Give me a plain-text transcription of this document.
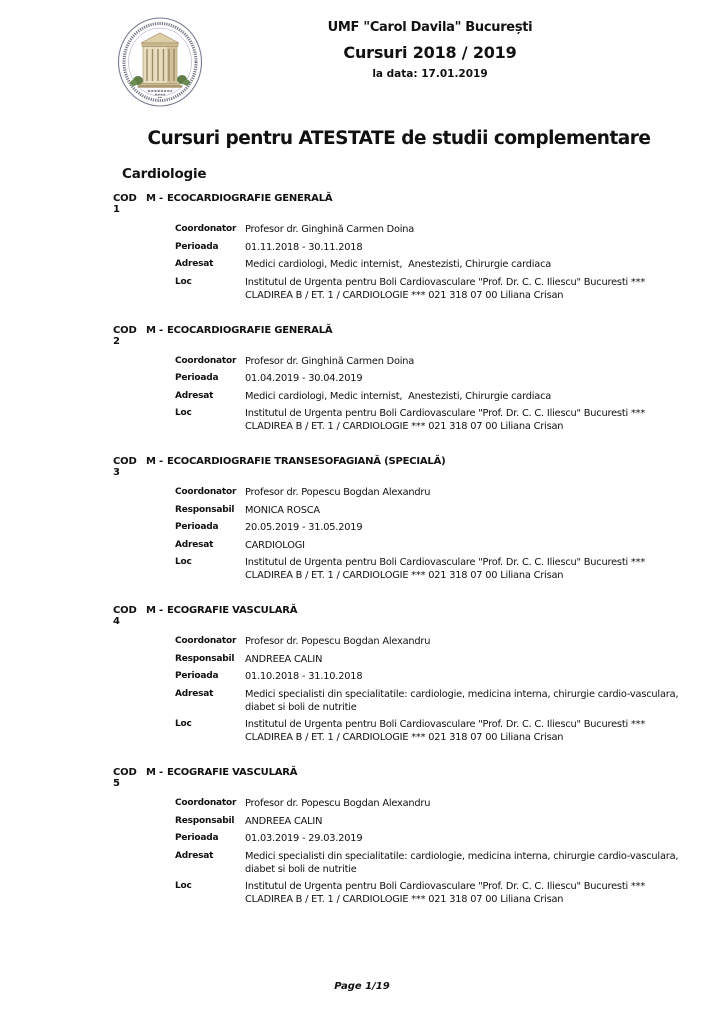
UMF "Carol Davila" București
Cursuri 2018 / 2019
la data: 17.01.2019
Cursuri pentru ATESTATE de studii complementare
Cardiologie
COD 1
M - ECOCARDIOGRAFIE GENERALĂ
Coordonator Profesor dr. Ginghină Carmen Doina
Perioada	01.11.2018 - 30.11.2018
Adresat	Medici cardiologi, Medic internist,  Anestezisti, Chirurgie cardiaca
Loc	Institutul de Urgenta pentru Boli Cardiovasculare "Prof. Dr. C. C. Iliescu" Bucuresti *** CLADIREA B / ET. 1 / CARDIOLOGIE *** 021 318 07 00 Liliana Crisan
COD 2
M - ECOCARDIOGRAFIE GENERALĂ
Coordonator Profesor dr. Ginghină Carmen Doina
Perioada	01.04.2019 - 30.04.2019
Adresat	Medici cardiologi, Medic internist,  Anestezisti, Chirurgie cardiaca
Loc	Institutul de Urgenta pentru Boli Cardiovasculare "Prof. Dr. C. C. Iliescu" Bucuresti *** CLADIREA B / ET. 1 / CARDIOLOGIE *** 021 318 07 00 Liliana Crisan
COD 3
M - ECOCARDIOGRAFIE TRANSESOFAGIANĂ (SPECIALĂ)
Coordonator Profesor dr. Popescu Bogdan Alexandru
Responsabil	MONICA ROSCA
Perioada	20.05.2019 - 31.05.2019
Adresat	CARDIOLOGI
Loc	Institutul de Urgenta pentru Boli Cardiovasculare "Prof. Dr. C. C. Iliescu" Bucuresti *** CLADIREA B / ET. 1 / CARDIOLOGIE *** 021 318 07 00 Liliana Crisan
COD 4
M - ECOGRAFIE VASCULARĂ
Coordonator Profesor dr. Popescu Bogdan Alexandru
Responsabil	ANDREEA CALIN
Perioada	01.10.2018 - 31.10.2018
Adresat	Medici specialisti din specialitatile: cardiologie, medicina interna, chirurgie cardio-vasculara, diabet si boli de nutritie
Loc	Institutul de Urgenta pentru Boli Cardiovasculare "Prof. Dr. C. C. Iliescu" Bucuresti *** CLADIREA B / ET. 1 / CARDIOLOGIE *** 021 318 07 00 Liliana Crisan
COD 5
M - ECOGRAFIE VASCULARĂ
Coordonator Profesor dr. Popescu Bogdan Alexandru
Responsabil	ANDREEA CALIN
Perioada	01.03.2019 - 29.03.2019
Adresat	Medici specialisti din specialitatile: cardiologie, medicina interna, chirurgie cardio-vasculara, diabet si boli de nutritie
Loc	Institutul de Urgenta pentru Boli Cardiovasculare "Prof. Dr. C. C. Iliescu" Bucuresti *** CLADIREA B / ET. 1 / CARDIOLOGIE *** 021 318 07 00 Liliana Crisan
Page 1/19
